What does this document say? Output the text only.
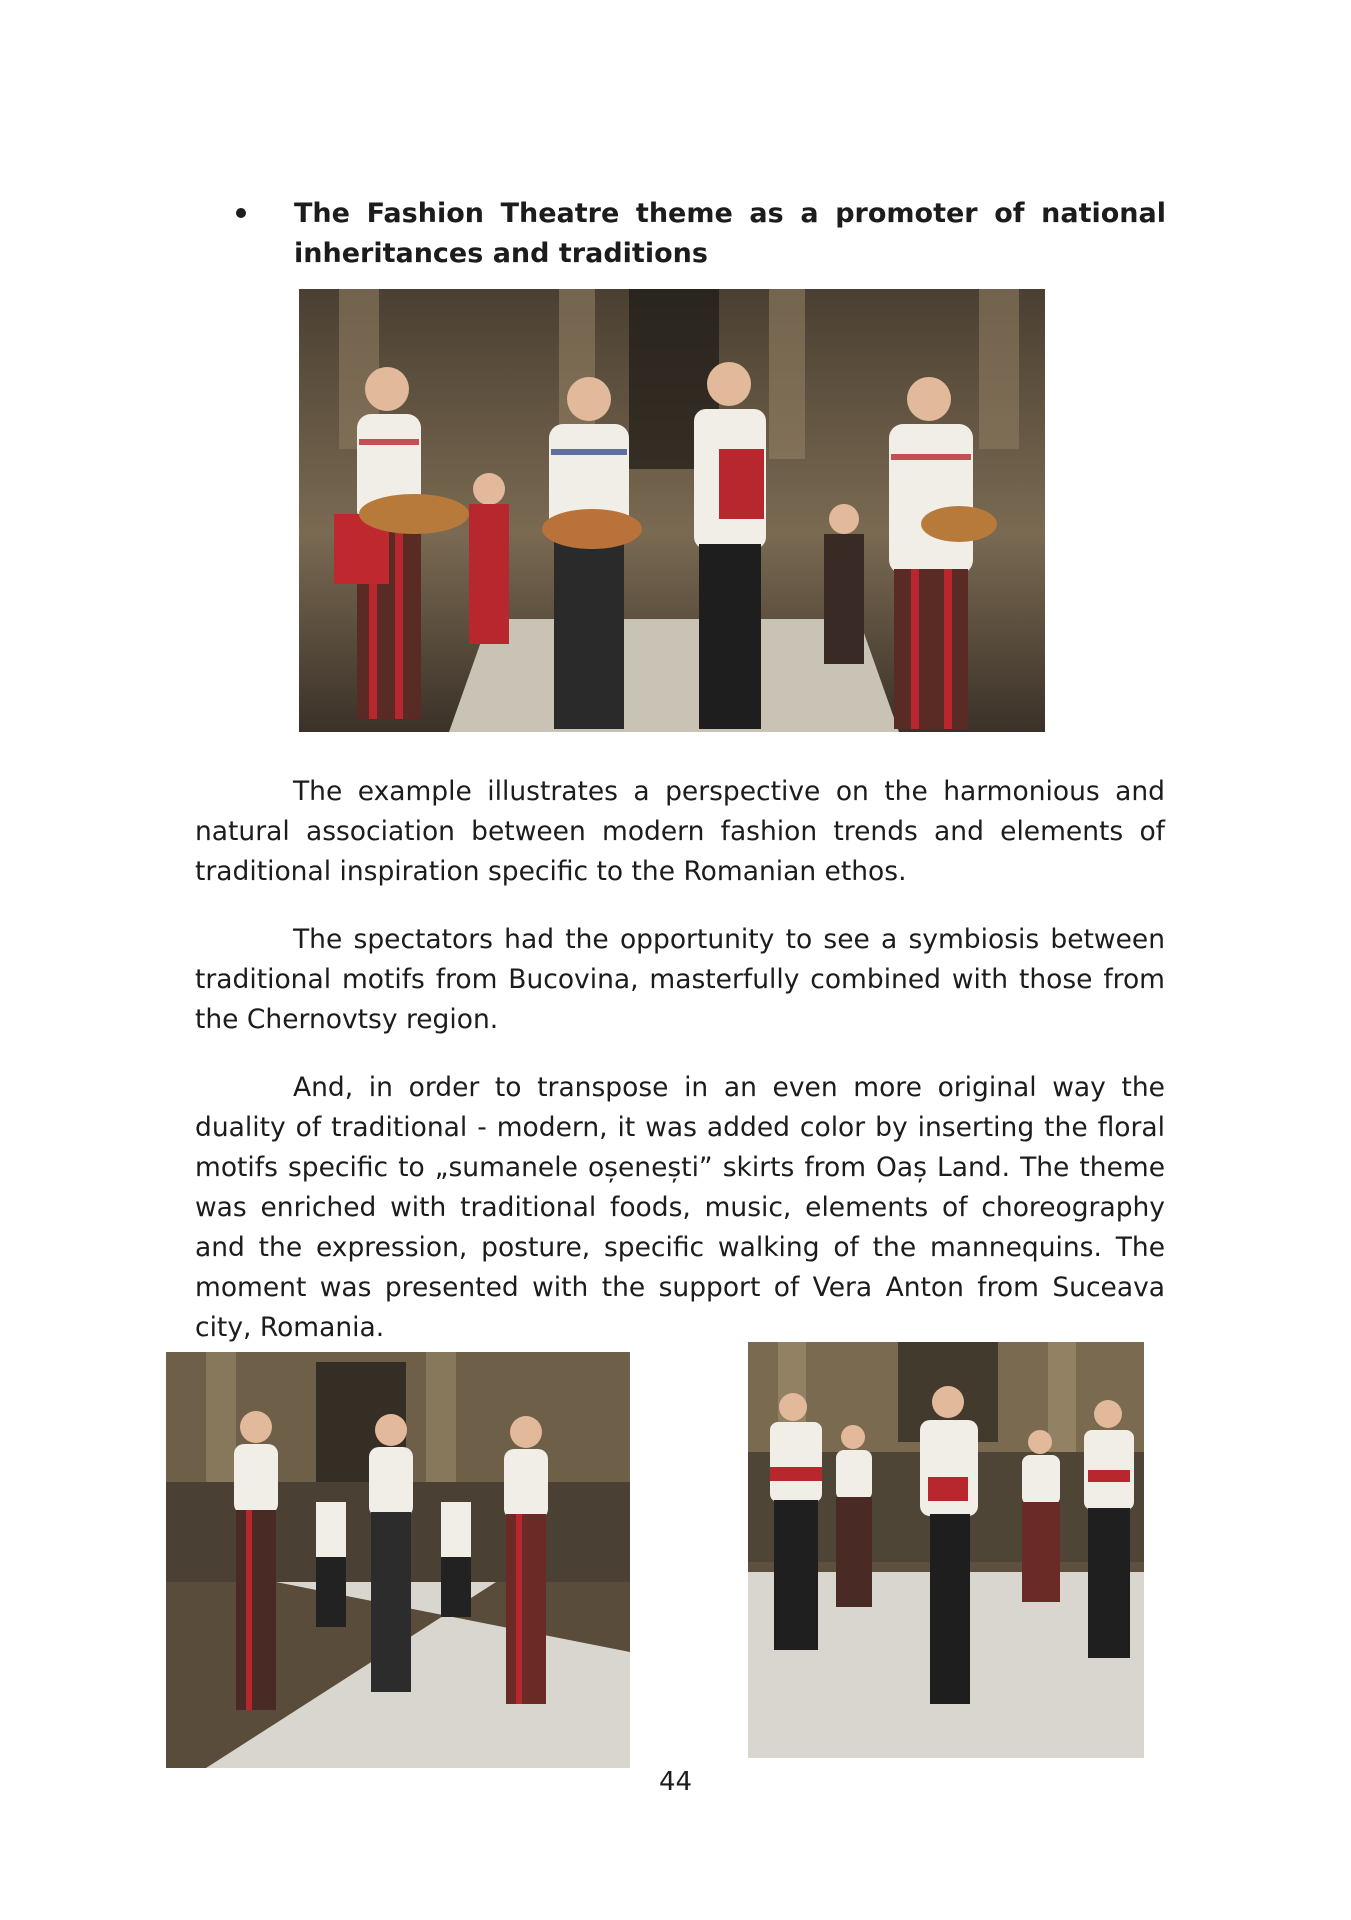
The Fashion Theatre theme as a promoter of national inheritances and traditions

The example illustrates a perspective on the harmonious and natural association between modern fashion trends and elements of traditional inspiration specific to the Romanian ethos.

The spectators had the opportunity to see a symbiosis between traditional motifs from Bucovina, masterfully combined with those from the Chernovtsy region.

And, in order to transpose in an even more original way the duality of traditional - modern, it was added color by inserting the floral motifs specific to „sumanele oșenești” skirts from Oaș Land. The theme was enriched with traditional foods, music, elements of choreography and the expression, posture, specific walking of the mannequins. The moment was presented with the support of Vera Anton from Suceava city, Romania.

44
